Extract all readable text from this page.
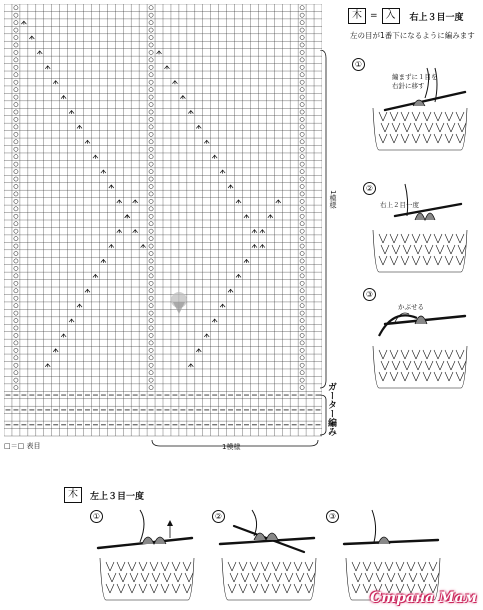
1模様
ガーター編み
1模様
□＝□ 表目
⽊ = 入	右上３目一度
左の目が1番下になるように編みます
①
編まずに１目を右針に移す
②
右上２目一度
③
かぶせる
⽊	左上３目一度
①	②	③
Страна Мам
